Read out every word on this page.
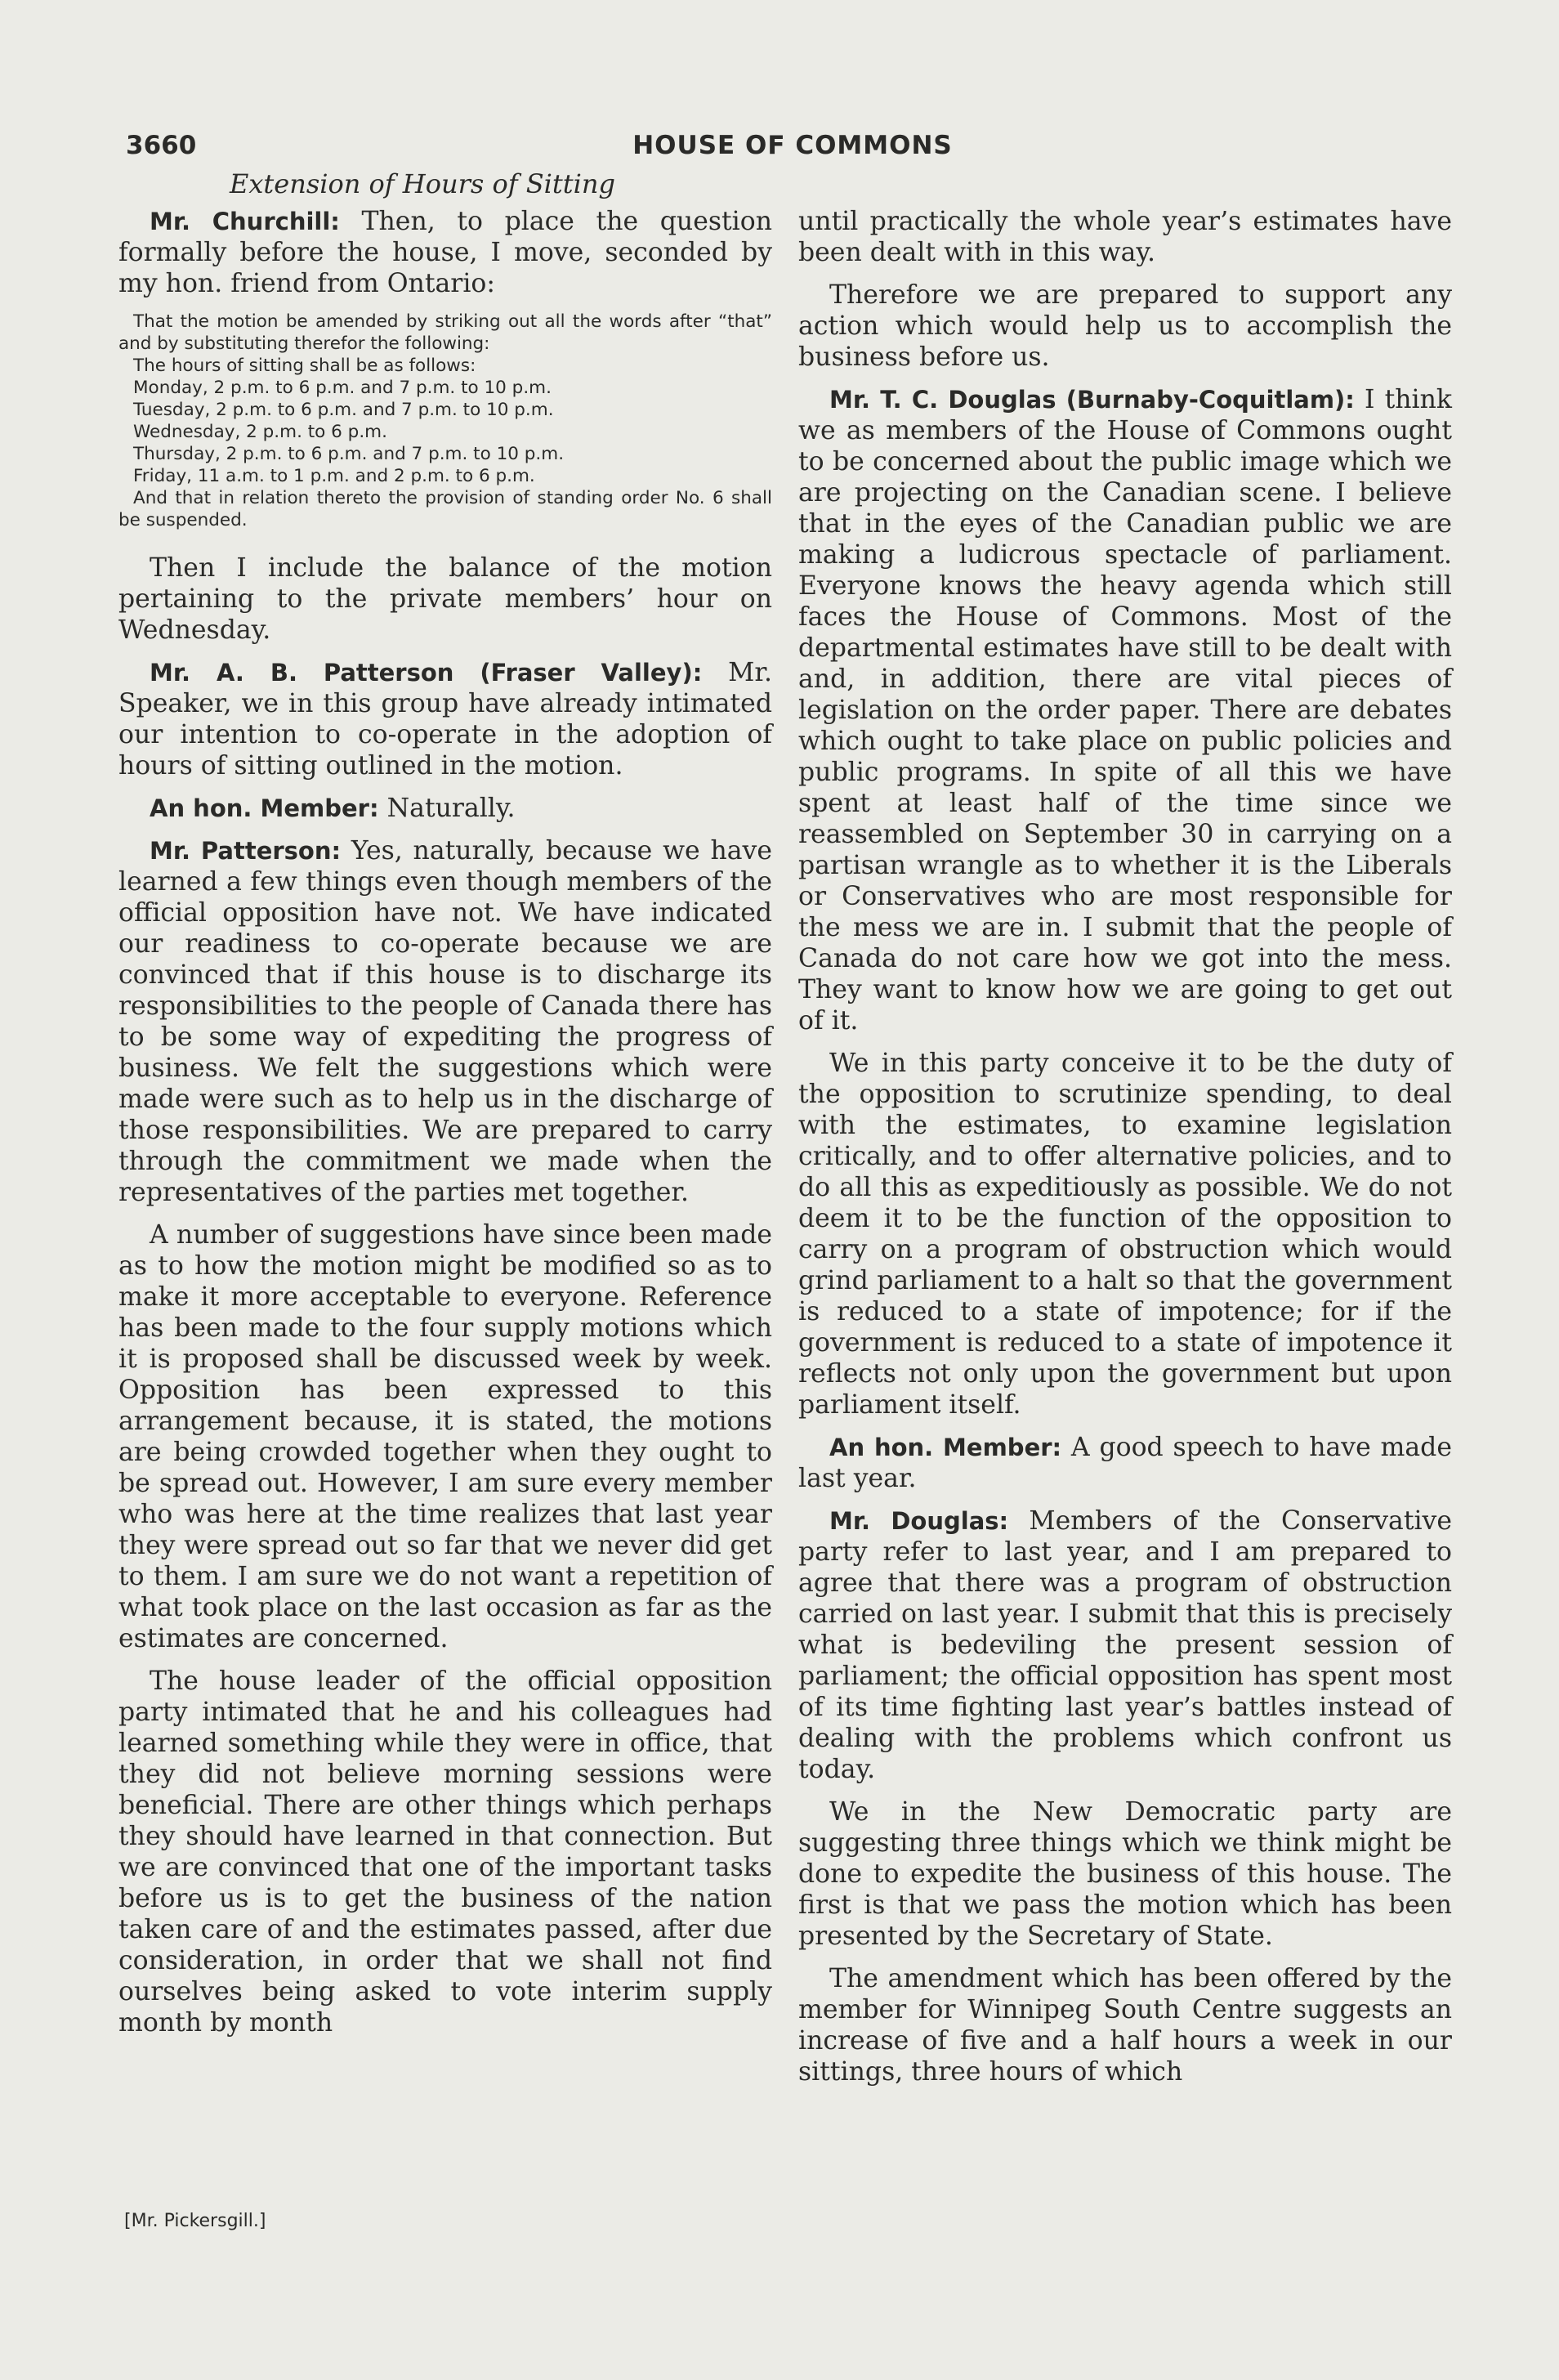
3660	HOUSE OF COMMONS
Extension of Hours of Sitting

Mr. Churchill: Then, to place the question formally before the house, I move, seconded by my hon. friend from Ontario:

That the motion be amended by striking out all the words after “that” and by substituting therefor the following:
The hours of sitting shall be as follows:
Monday, 2 p.m. to 6 p.m. and 7 p.m. to 10 p.m.
Tuesday, 2 p.m. to 6 p.m. and 7 p.m. to 10 p.m.
Wednesday, 2 p.m. to 6 p.m.
Thursday, 2 p.m. to 6 p.m. and 7 p.m. to 10 p.m.
Friday, 11 a.m. to 1 p.m. and 2 p.m. to 6 p.m.
And that in relation thereto the provision of standing order No. 6 shall be suspended.

Then I include the balance of the motion pertaining to the private members’ hour on Wednesday.

Mr. A. B. Patterson (Fraser Valley): Mr. Speaker, we in this group have already intimated our intention to co-operate in the adoption of hours of sitting outlined in the motion.

An hon. Member: Naturally.

Mr. Patterson: Yes, naturally, because we have learned a few things even though members of the official opposition have not. We have indicated our readiness to co-operate because we are convinced that if this house is to discharge its responsibilities to the people of Canada there has to be some way of expediting the progress of business. We felt the suggestions which were made were such as to help us in the discharge of those responsibilities. We are prepared to carry through the commitment we made when the representatives of the parties met together.

A number of suggestions have since been made as to how the motion might be modified so as to make it more acceptable to everyone. Reference has been made to the four supply motions which it is proposed shall be discussed week by week. Opposition has been expressed to this arrangement because, it is stated, the motions are being crowded together when they ought to be spread out. However, I am sure every member who was here at the time realizes that last year they were spread out so far that we never did get to them. I am sure we do not want a repetition of what took place on the last occasion as far as the estimates are concerned.

The house leader of the official opposition party intimated that he and his colleagues had learned something while they were in office, that they did not believe morning sessions were beneficial. There are other things which perhaps they should have learned in that connection. But we are convinced that one of the important tasks before us is to get the business of the nation taken care of and the estimates passed, after due consideration, in order that we shall not find ourselves being asked to vote interim supply month by month

until practically the whole year’s estimates have been dealt with in this way.

Therefore we are prepared to support any action which would help us to accomplish the business before us.

Mr. T. C. Douglas (Burnaby-Coquitlam): I think we as members of the House of Commons ought to be concerned about the public image which we are projecting on the Canadian scene. I believe that in the eyes of the Canadian public we are making a ludicrous spectacle of parliament. Everyone knows the heavy agenda which still faces the House of Commons. Most of the departmental estimates have still to be dealt with and, in addition, there are vital pieces of legislation on the order paper. There are debates which ought to take place on public policies and public programs. In spite of all this we have spent at least half of the time since we reassembled on September 30 in carrying on a partisan wrangle as to whether it is the Liberals or Conservatives who are most responsible for the mess we are in. I submit that the people of Canada do not care how we got into the mess. They want to know how we are going to get out of it.

We in this party conceive it to be the duty of the opposition to scrutinize spending, to deal with the estimates, to examine legislation critically, and to offer alternative policies, and to do all this as expeditiously as possible. We do not deem it to be the function of the opposition to carry on a program of obstruction which would grind parliament to a halt so that the government is reduced to a state of impotence; for if the government is reduced to a state of impotence it reflects not only upon the government but upon parliament itself.

An hon. Member: A good speech to have made last year.

Mr. Douglas: Members of the Conservative party refer to last year, and I am prepared to agree that there was a program of obstruction carried on last year. I submit that this is precisely what is bedeviling the present session of parliament; the official opposition has spent most of its time fighting last year’s battles instead of dealing with the problems which confront us today.

We in the New Democratic party are suggesting three things which we think might be done to expedite the business of this house. The first is that we pass the motion which has been presented by the Secretary of State.

The amendment which has been offered by the member for Winnipeg South Centre suggests an increase of five and a half hours a week in our sittings, three hours of which

[Mr. Pickersgill.]
